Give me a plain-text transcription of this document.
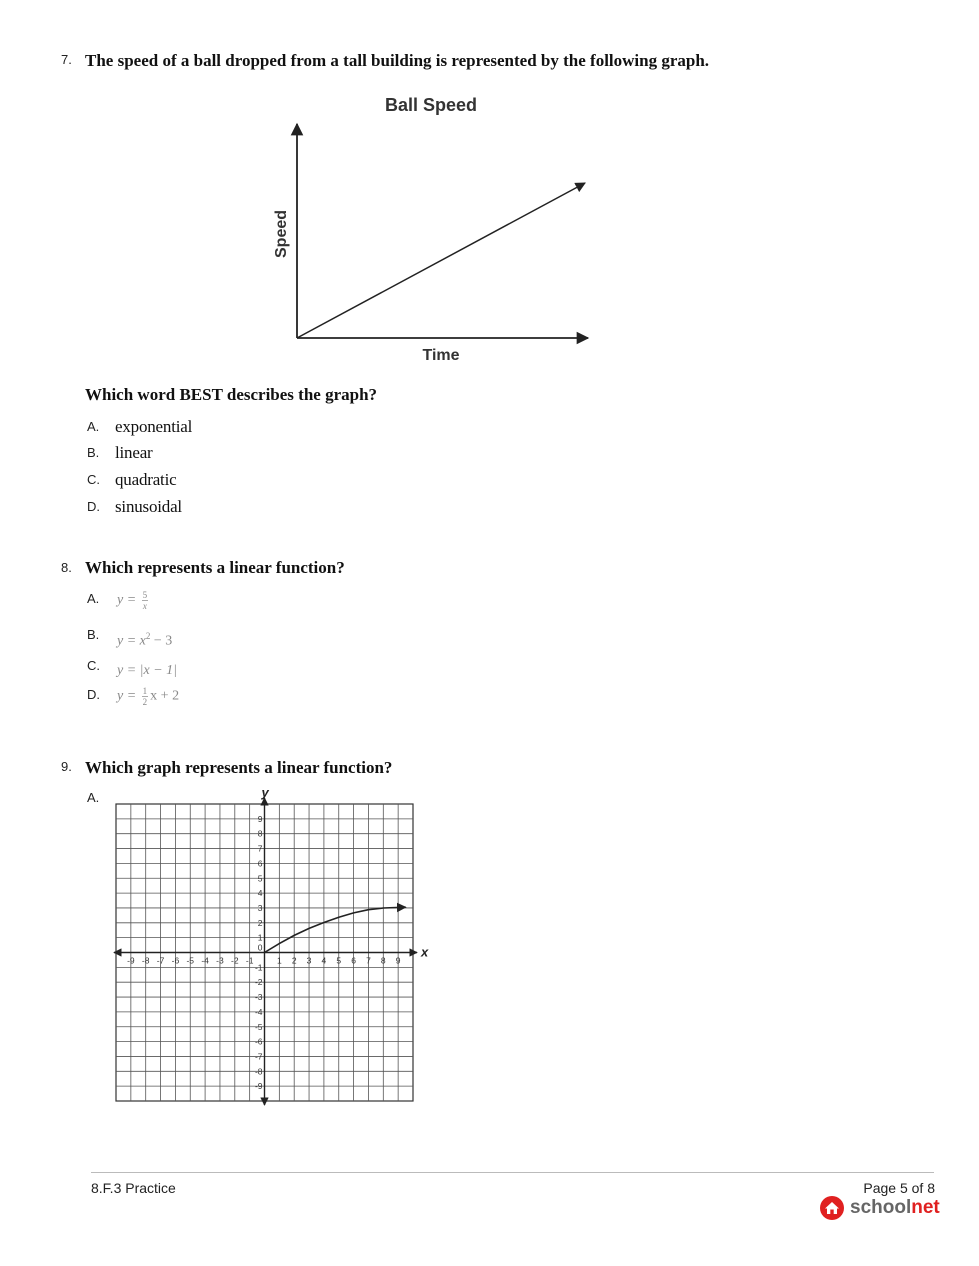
7. The speed of a ball dropped from a tall building is represented by the following graph.
Ball Speed
Speed
Time
Which word BEST describes the graph?
A. exponential
B. linear
C. quadratic
D. sinusoidal
8. Which represents a linear function?
A. $y = \frac{5}{x}$
B. $y = x^2 - 3$
C. y = |x − 1|
D. $y = \frac{1}{2}$ x + 2
9. Which graph represents a linear function?
A.
x
y
-9 -8 -7 -6 -5 -4 -3 -2 -1	1 2 3 4 5 6 7 8 9
9
8
7
6
5
4
3
2
1
-1
-2
-3
-4
-5
-6
-7
-8
-9
0
8.F.3 Practice	Page 5 of 8
schoolnet
